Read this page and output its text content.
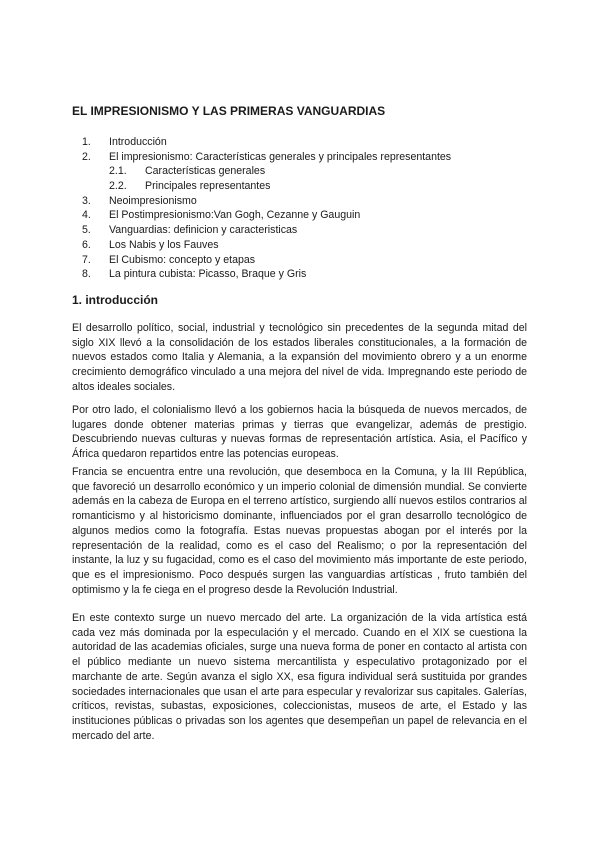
EL IMPRESIONISMO Y LAS PRIMERAS VANGUARDIAS
1. Introducción
2. El impresionismo: Características generales y principales representantes
2.1. Características generales
2.2. Principales representantes
3. Neoimpresionismo
4. El Postimpresionismo:Van Gogh, Cezanne y Gauguin
5. Vanguardias: definicion y caracteristicas
6. Los Nabis y los Fauves
7. El Cubismo: concepto y etapas
8. La pintura cubista: Picasso, Braque y Gris
1. introducción

El desarrollo político, social, industrial y tecnológico sin precedentes de la segunda mitad del siglo XIX llevó a la consolidación de los estados liberales constitucionales, a la formación de nuevos estados como Italia y Alemania, a la expansión del movimiento obrero y a un enorme crecimiento demográfico vinculado a una mejora del nivel de vida. Impregnando este periodo de altos ideales sociales.

Por otro lado, el colonialismo llevó a los gobiernos hacia la búsqueda de nuevos mercados, de lugares donde obtener materias primas y tierras que evangelizar, además de prestigio. Descubriendo nuevas culturas y nuevas formas de representación artística. Asia, el Pacífico y África quedaron repartidos entre las potencias europeas.

Francia se encuentra entre una revolución, que desemboca en la Comuna, y la III República, que favoreció un desarrollo económico y un imperio colonial de dimensión mundial. Se convierte además en la cabeza de Europa en el terreno artístico, surgiendo allí nuevos estilos contrarios al romanticismo y al historicismo dominante, influenciados por el gran desarrollo tecnológico de algunos medios como la fotografía. Estas nuevas propuestas abogan por el interés por la representación de la realidad, como es el caso del Realismo; o por la representación del instante, la luz y su fugacidad, como es el caso del movimiento más importante de este periodo, que es el impresionismo. Poco después surgen las vanguardias artísticas , fruto también del optimismo y la fe ciega en el progreso desde la Revolución Industrial.

En este contexto surge un nuevo mercado del arte. La organización de la vida artística está cada vez más dominada por la especulación y el mercado. Cuando en el XIX se cuestiona la autoridad de las academias oficiales, surge una nueva forma de poner en contacto al artista con el público mediante un nuevo sistema mercantilista y especulativo protagonizado por el marchante de arte. Según avanza el siglo XX, esa figura individual será sustituida por grandes sociedades internacionales que usan el arte para especular y revalorizar sus capitales. Galerías, críticos, revistas, subastas, exposiciones, coleccionistas, museos de arte, el Estado y las instituciones públicas o privadas son los agentes que desempeñan un papel de relevancia en el mercado del arte.
